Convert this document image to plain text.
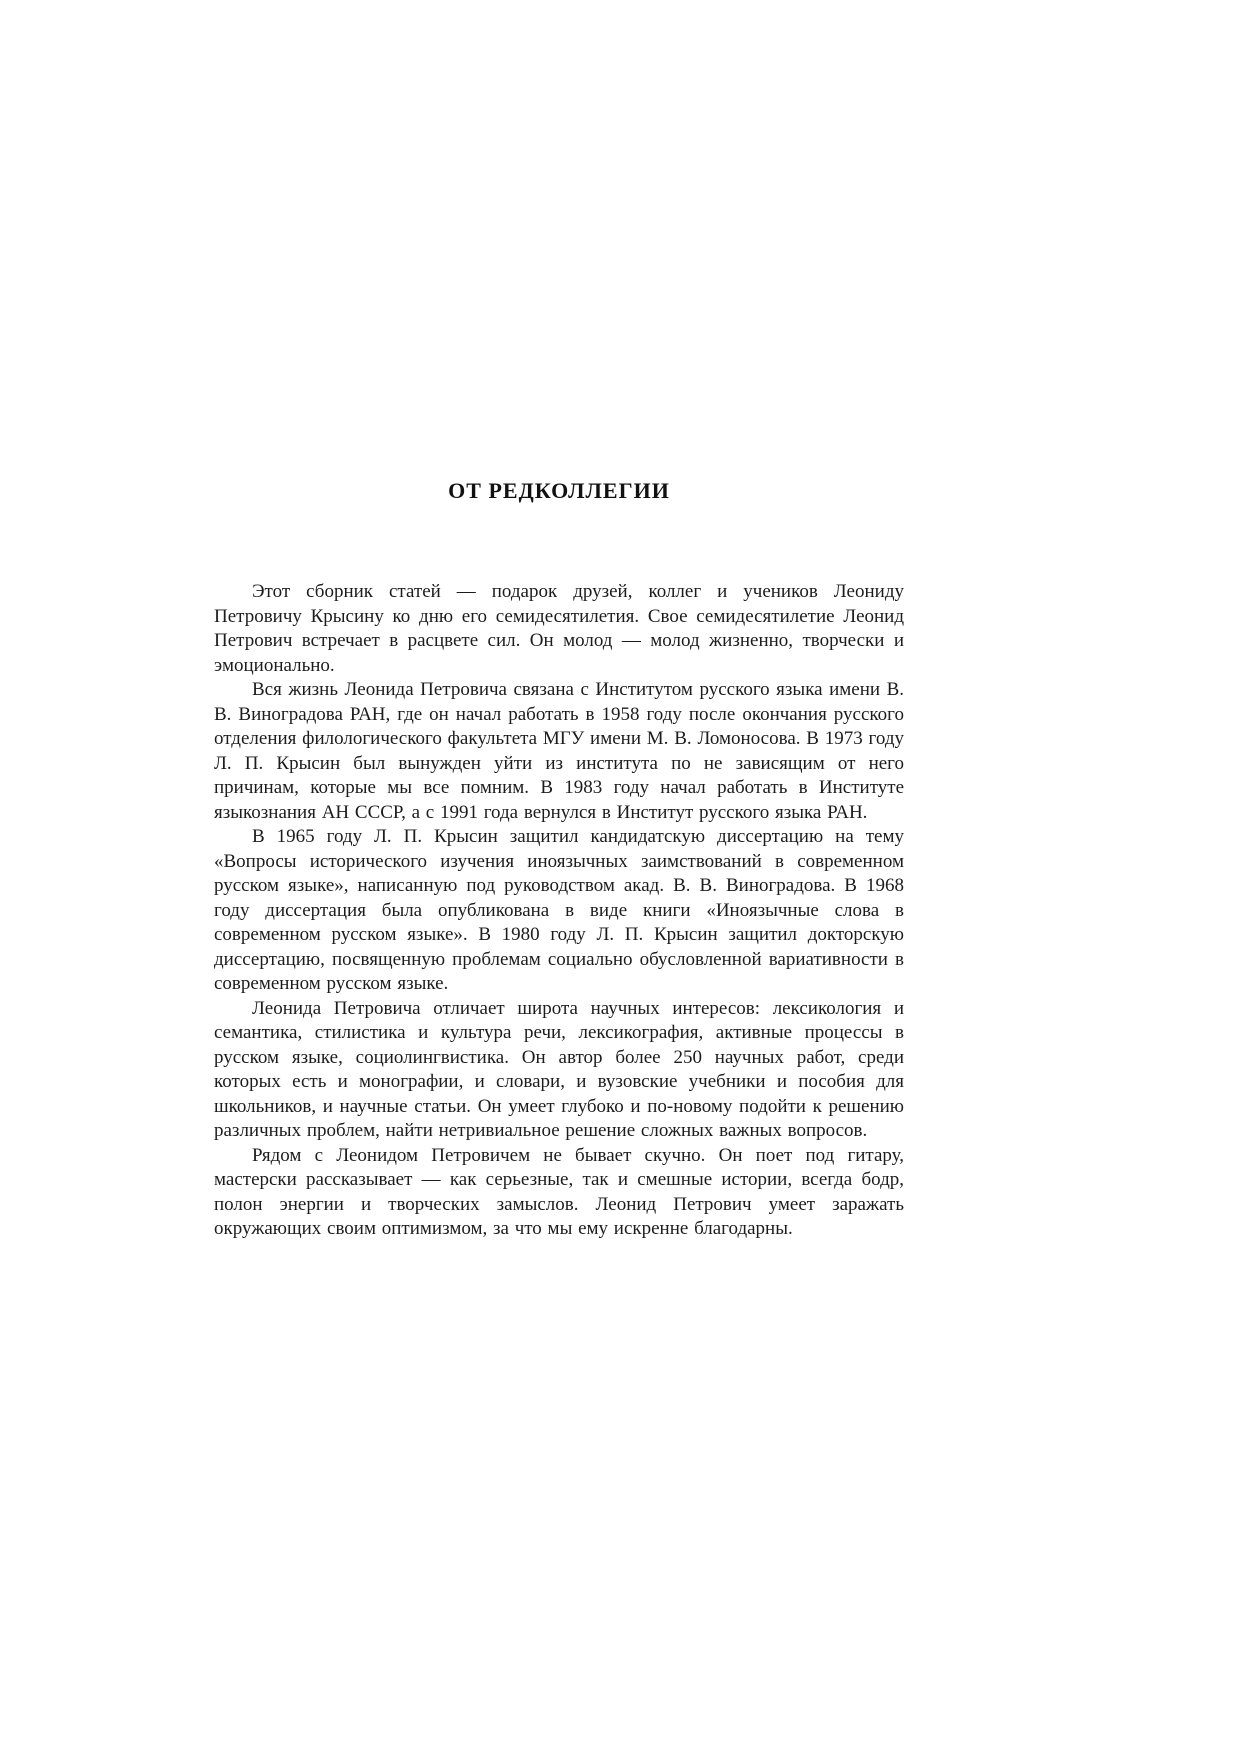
ОТ РЕДКОЛЛЕГИИ

Этот сборник статей — подарок друзей, коллег и учеников Леониду Петровичу Крысину ко дню его семидесятилетия. Свое семидесятилетие Леонид Петрович встречает в расцвете сил. Он молод — молод жизненно, творчески и эмоционально.

Вся жизнь Леонида Петровича связана с Институтом русского языка имени В. В. Виноградова РАН, где он начал работать в 1958 году после окончания русского отделения филологического факультета МГУ имени М. В. Ломоносова. В 1973 году Л. П. Крысин был вынужден уйти из института по не зависящим от него причинам, которые мы все помним. В 1983 году начал работать в Институте языкознания АН СССР, а с 1991 года вернулся в Институт русского языка РАН.

В 1965 году Л. П. Крысин защитил кандидатскую диссертацию на тему «Вопросы исторического изучения иноязычных заимствований в современном русском языке», написанную под руководством акад. В. В. Виноградова. В 1968 году диссертация была опубликована в виде книги «Иноязычные слова в современном русском языке». В 1980 году Л. П. Крысин защитил докторскую диссертацию, посвященную проблемам социально обусловленной вариативности в современном русском языке.

Леонида Петровича отличает широта научных интересов: лексикология и семантика, стилистика и культура речи, лексикография, активные процессы в русском языке, социолингвистика. Он автор более 250 научных работ, среди которых есть и монографии, и словари, и вузовские учебники и пособия для школьников, и научные статьи. Он умеет глубоко и по-новому подойти к решению различных проблем, найти нетривиальное решение сложных важных вопросов.

Рядом с Леонидом Петровичем не бывает скучно. Он поет под гитару, мастерски рассказывает — как серьезные, так и смешные истории, всегда бодр, полон энергии и творческих замыслов. Леонид Петрович умеет заражать окружающих своим оптимизмом, за что мы ему искренне благодарны.
